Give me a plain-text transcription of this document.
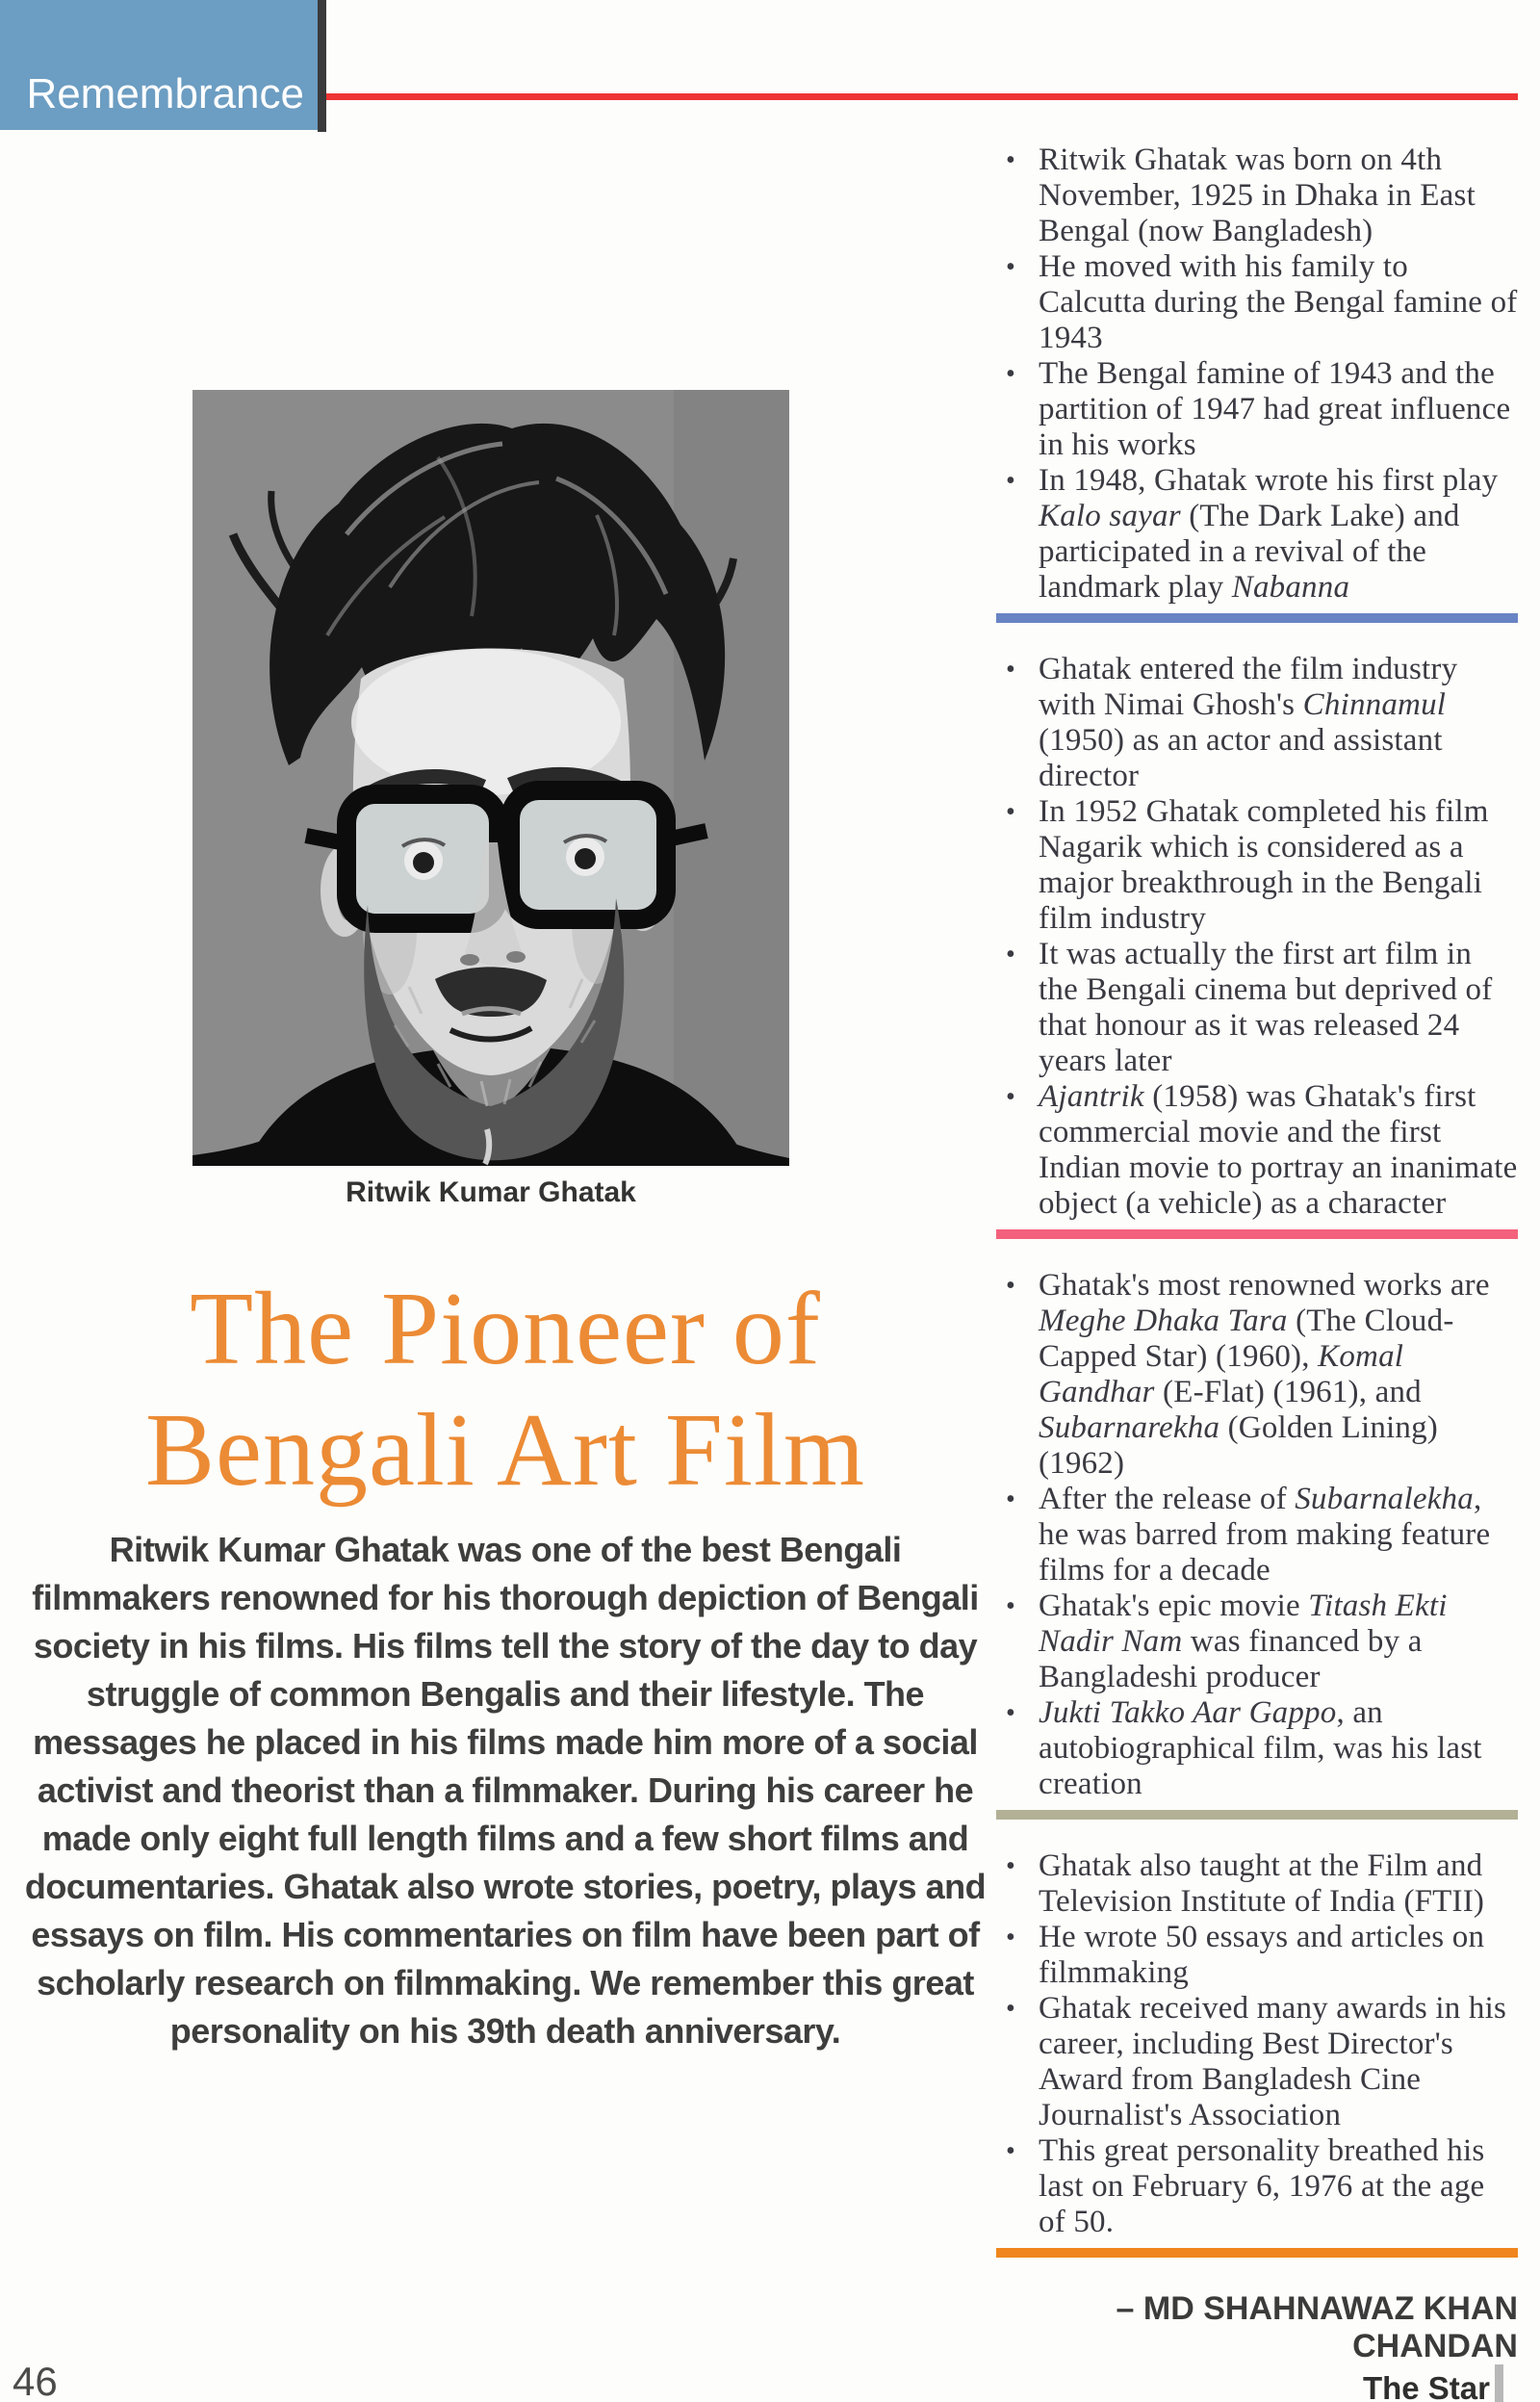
Remembrance
Ritwik Kumar Ghatak
The Pioneer of
Bengali Art Film

Ritwik Kumar Ghatak was one of the best Bengali filmmakers renowned for his thorough depiction of Bengali society in his films. His films tell the story of the day to day struggle of common Bengalis and their lifestyle. The messages he placed in his films made him more of a social activist and theorist than a filmmaker. During his career he made only eight full length films and a few short films and documentaries. Ghatak also wrote stories, poetry, plays and essays on film. His commentaries on film have been part of scholarly research on filmmaking. We remember this great personality on his 39th death anniversary.

• Ritwik Ghatak was born on 4th November, 1925 in Dhaka in East Bengal (now Bangladesh)
• He moved with his family to Calcutta during the Bengal famine of 1943
• The Bengal famine of 1943 and the partition of 1947 had great influence in his works
• In 1948, Ghatak wrote his first play Kalo sayar (The Dark Lake) and participated in a revival of the landmark play Nabanna
• Ghatak entered the film industry with Nimai Ghosh's Chinnamul (1950) as an actor and assistant director
• In 1952 Ghatak completed his film Nagarik which is considered as a major breakthrough in the Bengali film industry
• It was actually the first art film in the Bengali cinema but deprived of that honour as it was released 24 years later
• Ajantrik (1958) was Ghatak's first commercial movie and the first Indian movie to portray an inanimate object (a vehicle) as a character
• Ghatak's most renowned works are Meghe Dhaka Tara (The Cloud-Capped Star) (1960), Komal Gandhar (E-Flat) (1961), and Subarnarekha (Golden Lining) (1962)
• After the release of Subarnalekha, he was barred from making feature films for a decade
• Ghatak's epic movie Titash Ekti Nadir Nam was financed by a Bangladeshi producer
• Jukti Takko Aar Gappo, an autobiographical film, was his last creation
• Ghatak also taught at the Film and Television Institute of India (FTII)
• He wrote 50 essays and articles on filmmaking
• Ghatak received many awards in his career, including Best Director's Award from Bangladesh Cine Journalist's Association
• This great personality breathed his last on February 6, 1976 at the age of 50.
– MD SHAHNAWAZ KHAN CHANDAN
46	The Star
